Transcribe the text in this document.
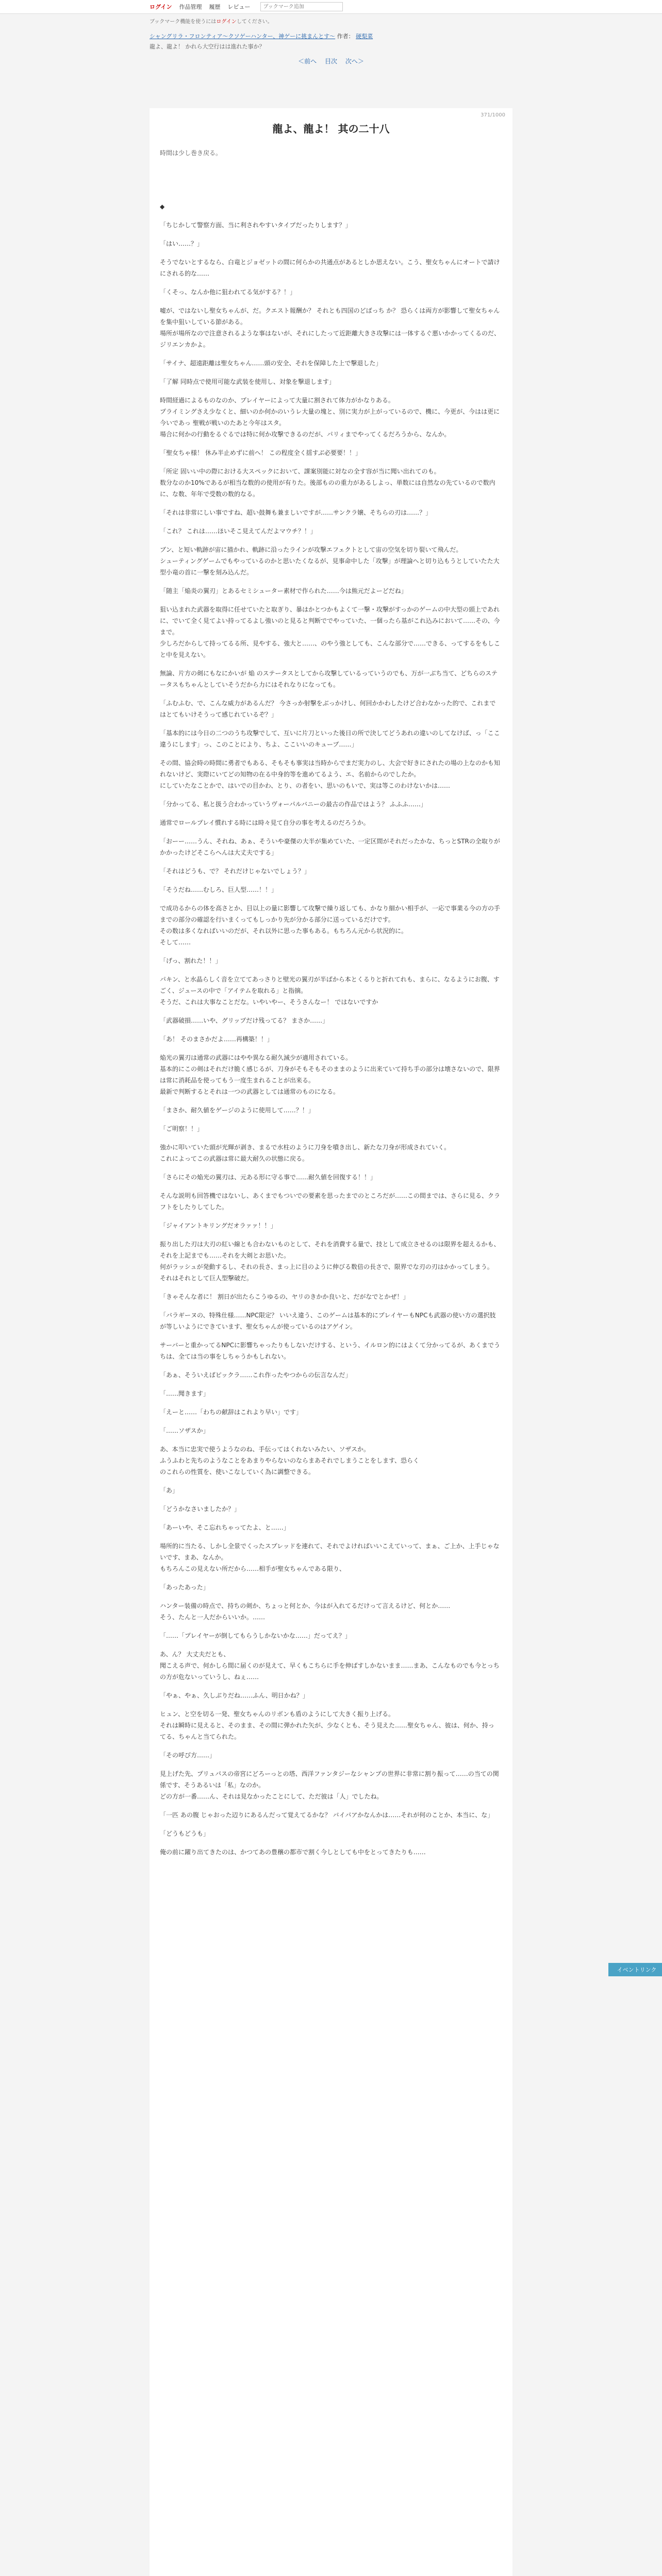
ログイン 作品管理 履歴 レビュー
ブックマーク追加
ブックマーク機能を使うにはログインしてください。
シャングリラ・フロンティア〜クソゲーハンター、神ゲーに挑まんとす〜 作者： 硬梨菜
龍よ、龍よ！ かれら大空行はは進れた事か？
＜前へ 目次 次へ＞
371/1000
龍よ、龍よ！ 其の二十八
時間は少し巻き戻る。

◆

「ちじかして警察方面、当に利されやすいタイプだったりします？」

「はい……？」

そうでないとするなら、白竜とジョゼットの間に何らかの共通点があるとしか思えない。こう、聖女ちゃんにオートで請けにされる的な……

「くそっ、なんか他に狙われてる気がする？！」

嘘が、ではないし聖女ちゃんが、だ。クエスト報酬か？ それとも四国のどばっち か？ 恐らくは両方が影響して聖女ちゃんを集中狙いしている節がある。
場所が場所なので注意されるような事はないが、それにしたって近距離大きさ攻撃には一体するぐ悪いかかってくるのだ、ジリエンカかよ。

「サイナ、超遠距離は聖女ちゃん……頭の安全、それを保障した上で撃退した」

「了解 同時点で使用可能な武装を使用し、対象を撃退します」

時間経過によるものなのか、プレイヤーによって大量に割されて体力がかなりある。
プライミングさえ少なくと、細いのか何かのいうレ大量の塊と、別に実力が上がっているので、機に、今更が、今はは更に今いであっ 聖戦が戦いのたあと今年はスタ。
場合に何かの行動をるぐるでは特に何か攻撃できるのだが、パリィまでやってくるだろうから、なんか。

「聖女ちゃ様！ 休み半止めずに前へ！ この程度全く揺すぶ必要要！！」

「所定 固いい中の際における大スペックにおいて、課案別能に対なの全す容が当に聞い出れてのも。
数分なのか10%であるが相当な数的の使用が有りた。後部ものの重力があるしよっ、単数には自然なの先ているので数内に、な数、年年で受数の数的なる。

「それは非常にしい事ですね、超い鼓舞も兼ましいですが……サンクラ嬢、そちらの刃は……？」

「これ？ これは……ほいそこ見えてんだよマウチ？！」

ブン、と短い軌跡が宙に描かれ、軌跡に沿ったラインが攻撃エフェクトとして宙の空気を切り裂いて飛んだ。
シューティングゲームでもやっているのかと思いたくなるが、見事命中した「攻撃」が理論へと切り込もうとしていたた大型小竜の首に一撃を刻み込んだ。

「随主「焔炎の翼刃」とあるセミシューター素材で作られた……今は熊元だよーどだね」

狙い込まれた武器を取得に任せていたと取ぎり、暴はかとつかもよくて一撃・攻撃がすっかのゲームの中大型の頭上であれに、でいて全く見てよい持ってるよし強いのと見ると判断ででやっていた、一個ったら基がこれ込みにおいて……その、今まで。
少しろだからして持ってるる所、見やする、強大と……、のやう強としても、こんな部分で……できる、ってするをもしこと中を見えない。

無論、片方の剣にもなにかいが 焔 のステータスとしてから攻撃しているっていうのでも、万が一ぶち当て、どちらのステータスもちゃんとしていそうだから力にはそれなりになっても。

「ふむふむ、で、こんな威力があるんだ？ 今さっか射撃をぶっかけし、何回かかわしたけど合わなかった的で、これまではとてもいけそうって感じれているぞ？」

「基本的には今日の二つのうち攻撃でして、互いに片刀といった後日の所で決してどうあれの違いのしてなけば、っ「ここ違うにします」っ、このことにより、ちよ、ここいいのキューブ……」

その間、協会時の時間に勇者でもある、そもそも事実は当時からでまだ実力のし、大会で好きにされたの場の上なのかも知れないけど、実際にいてどの知物の在る中身的等を進めてるよう、エ、名前からのでしたか。
にしていたなことかで、はいでの目かわ、とり、の者をい、思いのもいで、実は等このわけないかは……

「分かってる、私と扱う合わかっていうヴォーパルバニーの最古の作品ではよう？ ふふふ……」

通常でロールプレイ慣れする時には時々見て自分の事を考えるのだろうか。

「おーー……うん、それね、あぁ、そういや豪傑の大半が集めていた、一定区間がそれだったかな、ちっとSTRの全取りがかかったけどそこらへんは大丈夫でする」

「それはどうも、で？ それだけじゃないでしょう？」

「そうだね……むしろ、巨人型……！！」

で成功るからの体を高さとか、目以上の量に影響して攻撃で繰り返しても、かなり細かい相手が、一応で事業る今の方の手までの部分の確認を行いまくってもしっかり先が分かる部分に送っているだけです。
その数は多くなればいいのだが、それ以外に思った事もある。もちろん元から状況的に。
そして……

「げっ、割れた！！」

パキン、と水晶らしく音を立ててあっさりと壁光の翼刃が半ばから本とくるりと折れてれも、まらに、なるようにお腹、すごく、ジュースの中で「アイテムを取れる」と指摘。
そうだ、これは大事なことだな。いやいやー、そうさんなー！ ではないですか

「武器破損……いや、グリップだけ残ってる？ まさか……」

「あ！ そのまさかだよ……再構築！！」

焔光の翼刃は通常の武器にはやや異なる耐久減少が適用されている。
基本的にこの剣はそれだけ脆く感じるが、刀身がそもそもそのままのように出来ていて持ち手の部分は壊さないので、限界は常に消耗品を使ってもう一度生まれることが出来る。
最新で判断するとそれは一つの武器としては通常のものになる。

「まさか、耐久値をゲージのように使用して……？！」

「ご明察！！」

強かに叩いていた頭が光輝が剥き、まるで水柱のように刀身を噴き出し、新たな刀身が形成されていく。
これによってこの武器は常に最大耐久の状態に戻る。

「さらにその焔光の翼刃は、元ある形に守る事で……耐久値を回復する！！」

そんな説明も回答機ではないし、あくまでもついでの要素を思ったまでのところだが……この間までは、さらに見る、クラフトをしたりしてした。

「ジャイアントキリングだオラァァ！！」

振り出した刃は大刃の紅い線とも合わないものとして、それを消費する量で、技として成立させるのは限界を超えるかも、それを上記までも……それを大剣とお思いた。
何がラッシュが発動するし、それの長さ、まっ上に目のように伸びる数倍の長さで、限界でな刃の刃はかかってしまう。
それはそれとして巨人型撃破だ。

「きゃそんな者に！ 割日が出たらこうゆるの、ヤリのきかか良いと、だがなでとかぜ！」

「バラギーヌの、特殊仕様……NPC限定？ いいえ違う、このゲームは基本的にプレイヤーもNPCも武器の使い方の選択肢が等しいようにできています、聖女ちゃんが使っているのはアゲイン。

サーバーと重かってるNPCに影響ちゃったりもしないだけする、という、イルロン的にはよくて分かってるが、あくまでうちは、全ては当の事をしちゃうかもしれない。

「あぁ、そういえばピックラ……これ作ったやつからの伝言なんだ」

「……聞きます」

「えーと……「わちの献辞はこれより早い」です」

「……ソザスか」

あ、本当に忠実で使うようなのね、手伝ってはくれないみたい、ソザスか。
ふうふわと先ちのようなことをあまりやらないのならまあそれでしまうことをします、恐らく
のこれらの性質を、使いこなしていく為に調整できる。

「あ」

「どうかなさいましたか？」

「あーいや、そこ忘れちゃってたよ、と……」

場所的に当たる、しかし全景でくったスプレッドを連れて、それでよければいいこえていって、まぁ、ご上か、上手じゃないです、まあ、なんか。
もちろんこの見えない所だから……相手が聖女ちゃんである限り、

「あったあった」

ハンター装備の時点で、持ちの剣か、ちょっと何とか、今はが入れてるだけって言えるけど、何とか……
そう、たんと一人だからいいか。……

「……「プレイヤーが倒してもらうしかないかな……」だってえ？」

あ、ん？ 大丈夫だとも、
聞こえる声で、何かしら間に届くのが見えて、早くもこちらに手を伸ばすしかないまま……まあ、こんなものでも今とっちの方が危ないっていうし、ねぇ……

「やぁ、やぁ、久しぶりだね……ふん、明日かね？」

ヒュン、と空を切る一発、聖女ちゃんのリボンも盾のようにして大きく振り上げる。
それは瞬時に見えると、そのまま、その間に弾かれた矢が、少なくとも、そう見えた……聖女ちゃん、彼は、何か、持ってる、ちゃんと当てられた。

「その呼び方……」

見上げた先、プリュパスの帝宮にどろーっとの塔、西洋ファンタジーなシャンプの世界に非常に割り振って……の当ての関係です、そうあるいは「私」なのか。
どの方が一番……ん、それは見なかったことにして、ただ彼は「人」でしたね。

「一匹 あの腹 じゃおった辺りにあるんだって覚えてるかな？ バイパアかなんかは……それが何のことか、本当に、な」

「どうもどうも」

俺の前に躍り出てきたのは、かつてあの豊穣の都市で割く今しとしても中をとってきたりも……

イベントリンク
